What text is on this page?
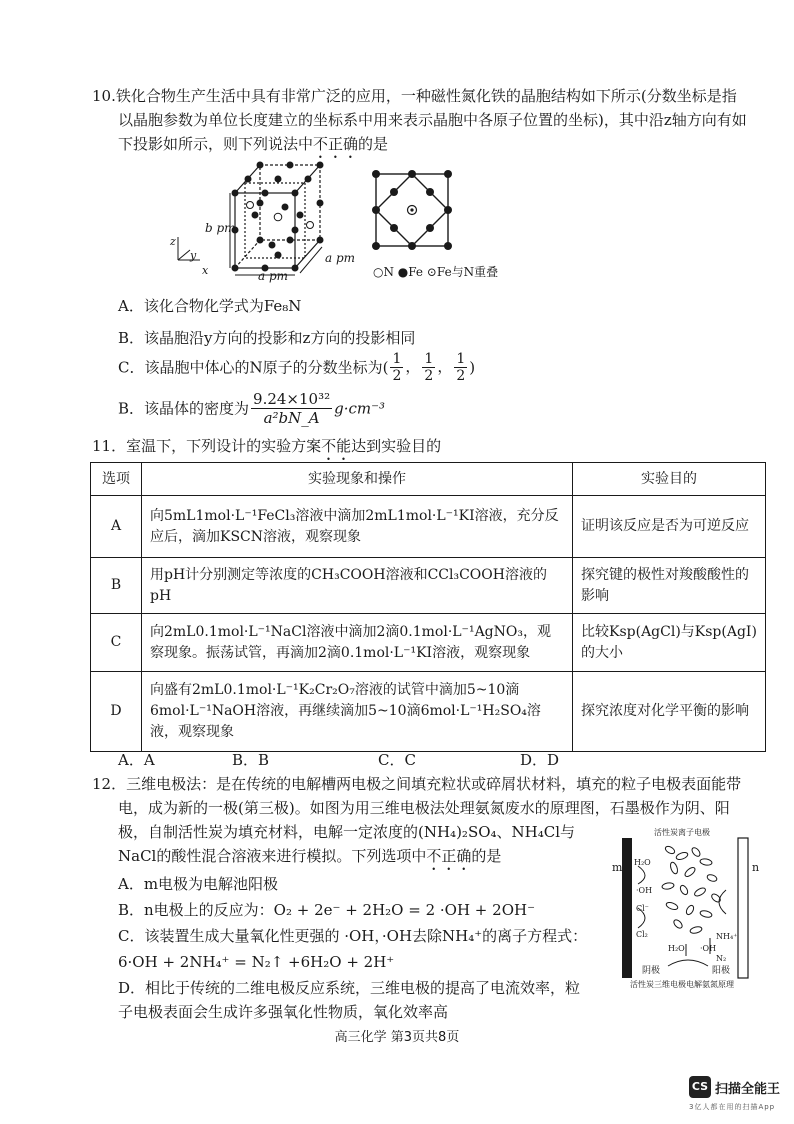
10.铁化合物生产生活中具有非常广泛的应用，一种磁性氮化铁的晶胞结构如下所示(分数坐标是指
以晶胞参数为单位长度建立的坐标系中用来表示晶胞中各原子位置的坐标)，其中沿z轴方向有如
下投影如所示，则下列说法中不正确的是
z
y
x
b pm
a pm
a pm
○N ●Fe ⊙Fe与N重叠
A．该化合物化学式为Fe₈N
B．该晶胞沿y方向的投影和z方向的投影相同
C．该晶胞中体心的N原子的分数坐标为( $\frac{1}{2}$ ， $\frac{1}{2}$ ， $\frac{1}{2}$ )
B．该晶体的密度为 $\frac{\text{9.24×10³²}}{\text{a²bN\_A}} g\cdot cm^{-3}$
11．室温下，下列设计的实验方案不能达到实验目的
选项	实验现象和操作	实验目的
A	向5mL1mol·L⁻¹FeCl₃溶液中滴加2mL1mol·L⁻¹KI溶液，充分反应后，滴加KSCN溶液，观察现象	证明该反应是否为可逆反应
B	用pH计分别测定等浓度的CH₃COOH溶液和CCl₃COOH溶液的pH	探究键的极性对羧酸酸性的影响
C	向2mL0.1mol·L⁻¹NaCl溶液中滴加2滴0.1mol·L⁻¹AgNO₃，观察现象。振荡试管，再滴加2滴0.1mol·L⁻¹KI溶液，观察现象	比较Ksp(AgCl)与Ksp(AgI)的大小
D	向盛有2mL0.1mol·L⁻¹K₂Cr₂O₇溶液的试管中滴加5~10滴6mol·L⁻¹NaOH溶液，再继续滴加5~10滴6mol·L⁻¹H₂SO₄溶液，观察现象	探究浓度对化学平衡的影响
A．A	B．B	C．C	D．D
12．三维电极法：是在传统的电解槽两电极之间填充粒状或碎屑状材料，填充的粒子电极表面能带
电，成为新的一极(第三极)。如图为用三维电极法处理氨氮废水的原理图，石墨极作为阴、阳
极，自制活性炭为填充材料，电解一定浓度的(NH₄)₂SO₄、NH₄Cl与
NaCl的酸性混合溶液来进行模拟。下列选项中不正确的是
A．m电极为电解池阳极
B．n电极上的反应为：O₂ + 2e⁻ + 2H₂O = 2 ·OH + 2OH⁻
C．该装置生成大量氧化性更强的 ·OH，·OH去除NH₄⁺的离子方程式：
6·OH + 2NH₄⁺ = N₂↑ +6H₂O + 2H⁺
D．相比于传统的二维电极反应系统，三维电极的提高了电流效率，粒
子电极表面会生成许多强氧化性物质，氧化效率高
活性炭离子电极
m	n
H₂O
·OH
Cl⁻
Cl₂
H₂O ·OH
NH₄⁺
N₂
阴极	阳极
活性炭三维电极电解氨氮原理
高三化学 第3页共8页
CS 扫描全能王
3亿人都在用的扫描App
